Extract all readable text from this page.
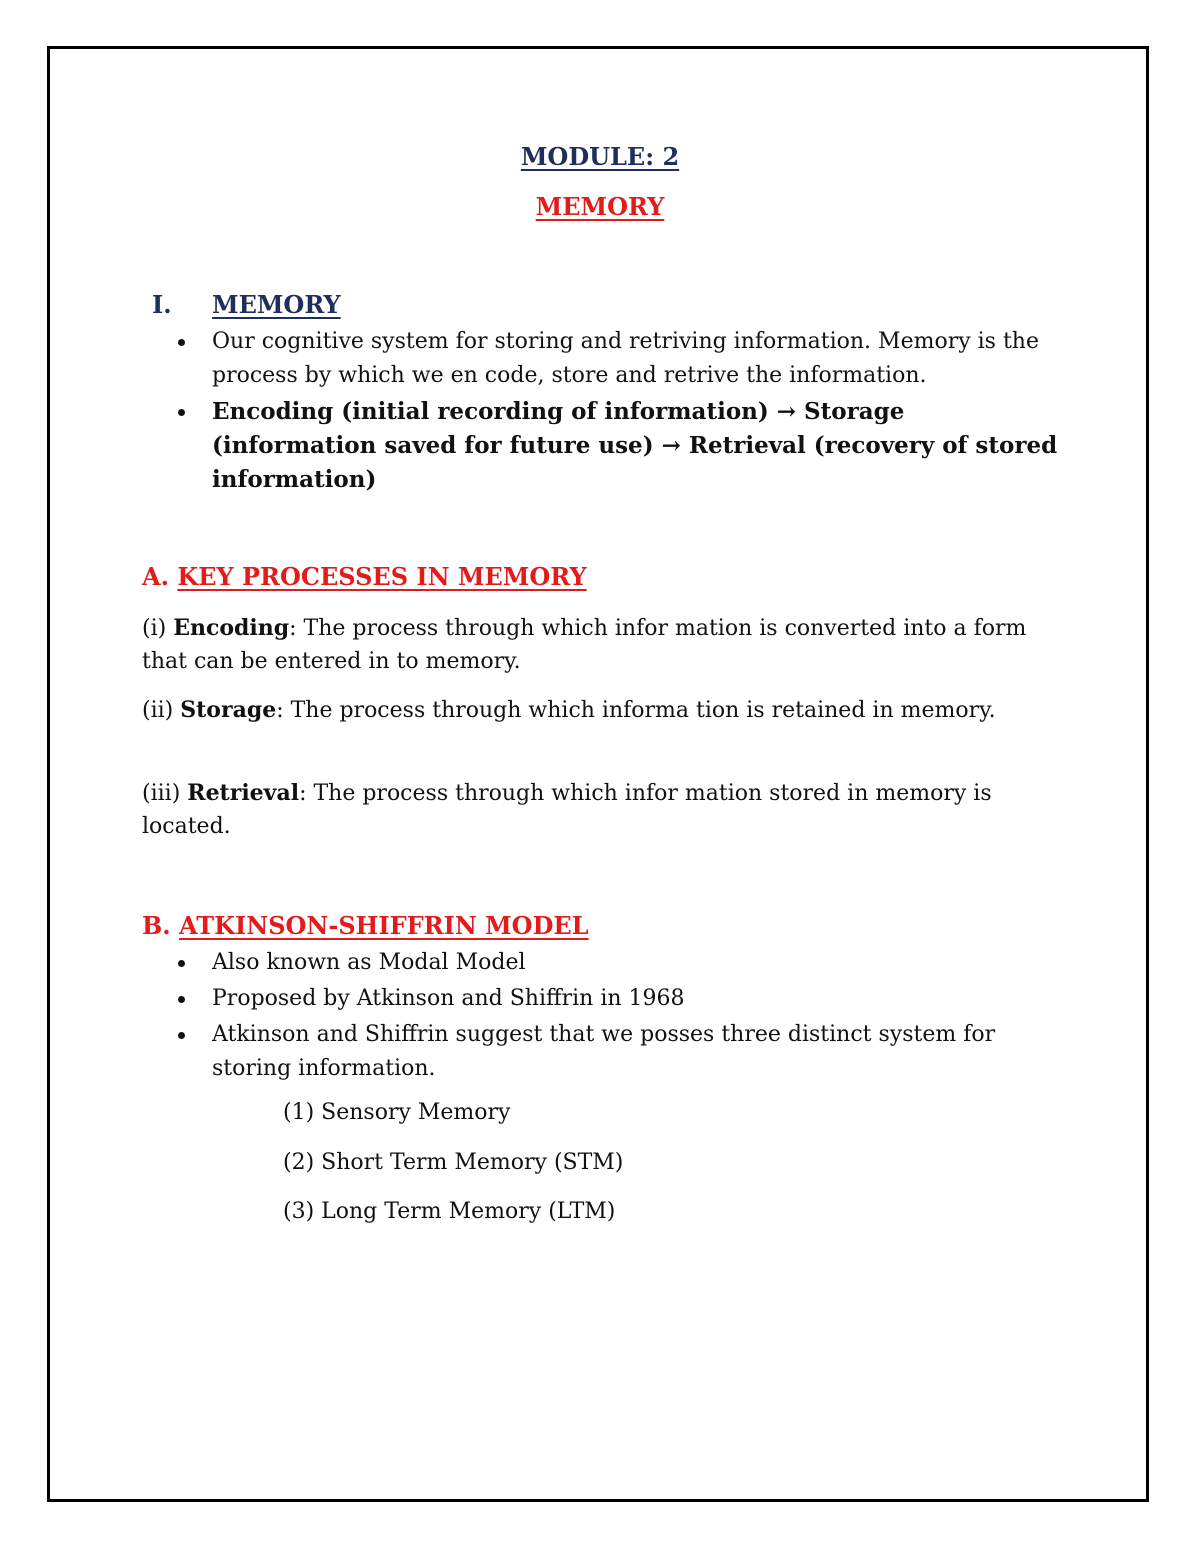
MODULE: 2
MEMORY
I. MEMORY
Our cognitive system for storing and retriving information. Memory is the process by which we en code, store and retrive the information.
Encoding (initial recording of information) → Storage (information saved for future use) → Retrieval (recovery of stored information)
A. KEY PROCESSES IN MEMORY
(i) Encoding: The process through which infor mation is converted into a form that can be entered in to memory.
(ii) Storage: The process through which informa tion is retained in memory.
(iii) Retrieval: The process through which infor mation stored in memory is located.
B. ATKINSON-SHIFFRIN MODEL
Also known as Modal Model
Proposed by Atkinson and Shiffrin in 1968
Atkinson and Shiffrin suggest that we posses three distinct system for storing information.
(1) Sensory Memory
(2) Short Term Memory (STM)
(3) Long Term Memory (LTM)
